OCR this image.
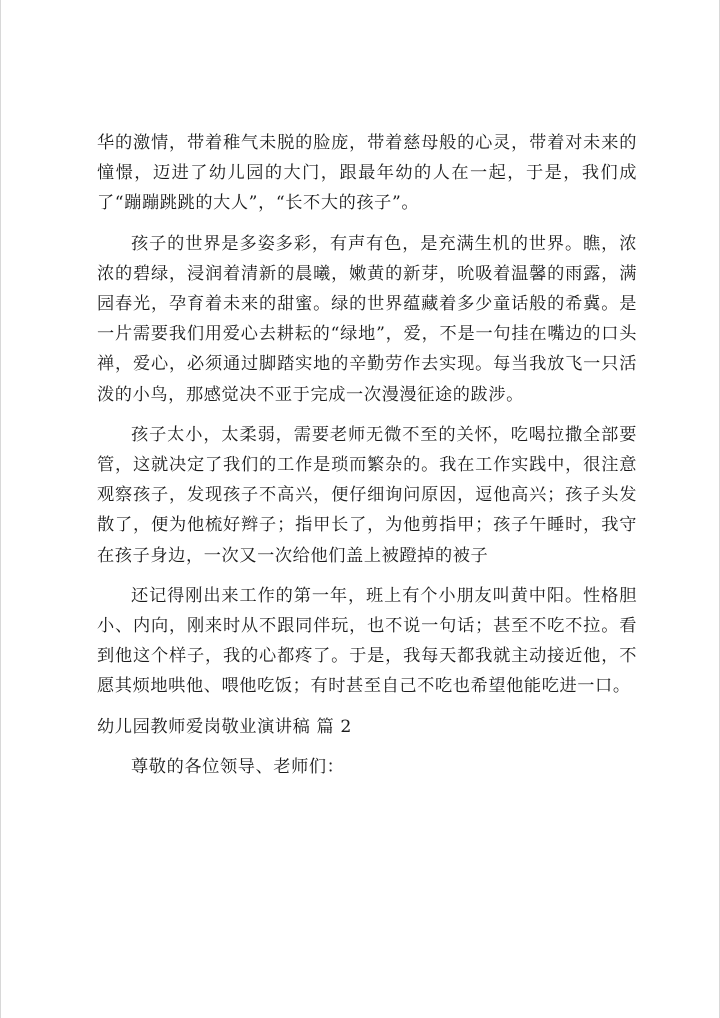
华的激情，带着稚气未脱的脸庞，带着慈母般的心灵，带着对未来的憧憬，迈进了幼儿园的大门，跟最年幼的人在一起，于是，我们成了“蹦蹦跳跳的大人”，“长不大的孩子”。

孩子的世界是多姿多彩，有声有色，是充满生机的世界。瞧，浓浓的碧绿，浸润着清新的晨曦，嫩黄的新芽，吮吸着温馨的雨露，满园春光，孕育着未来的甜蜜。绿的世界蕴藏着多少童话般的希冀。是一片需要我们用爱心去耕耘的“绿地”，爱，不是一句挂在嘴边的口头禅，爱心，必须通过脚踏实地的辛勤劳作去实现。每当我放飞一只活泼的小鸟，那感觉决不亚于完成一次漫漫征途的跋涉。

孩子太小，太柔弱，需要老师无微不至的关怀，吃喝拉撒全部要管，这就决定了我们的工作是琐而繁杂的。我在工作实践中，很注意观察孩子，发现孩子不高兴，便仔细询问原因，逗他高兴；孩子头发散了，便为他梳好辫子；指甲长了，为他剪指甲；孩子午睡时，我守在孩子身边，一次又一次给他们盖上被蹬掉的被子

还记得刚出来工作的第一年，班上有个小朋友叫黄中阳。性格胆小、内向，刚来时从不跟同伴玩，也不说一句话；甚至不吃不拉。看到他这个样子，我的心都疼了。于是，我每天都我就主动接近他，不愿其烦地哄他、喂他吃饭；有时甚至自己不吃也希望他能吃进一口。

幼儿园教师爱岗敬业演讲稿 篇 2

尊敬的各位领导、老师们：
